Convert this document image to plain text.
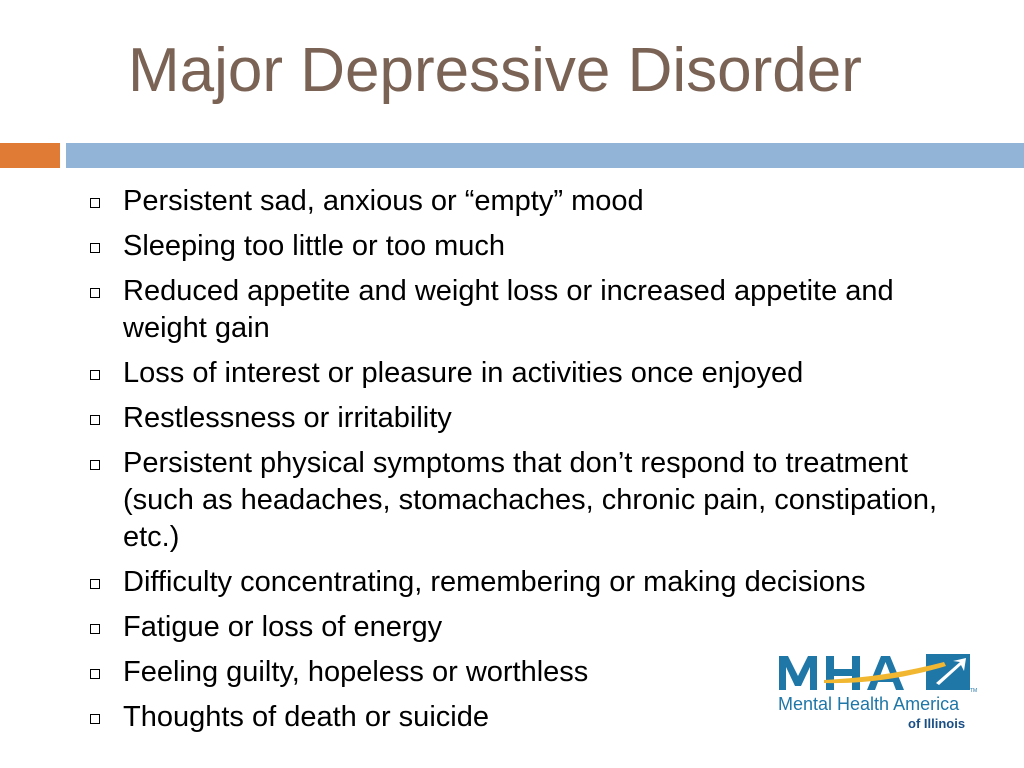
Major Depressive Disorder
Persistent sad, anxious or “empty” mood
Sleeping too little or too much
Reduced appetite and weight loss or increased appetite and weight gain
Loss of interest or pleasure in activities once enjoyed
Restlessness or irritability
Persistent physical symptoms that don’t respond to treatment (such as headaches, stomachaches, chronic pain, constipation, etc.)
Difficulty concentrating, remembering or making decisions
Fatigue or loss of energy
Feeling guilty, hopeless or worthless
Thoughts of death or suicide
TM
Mental Health America
of Illinois
